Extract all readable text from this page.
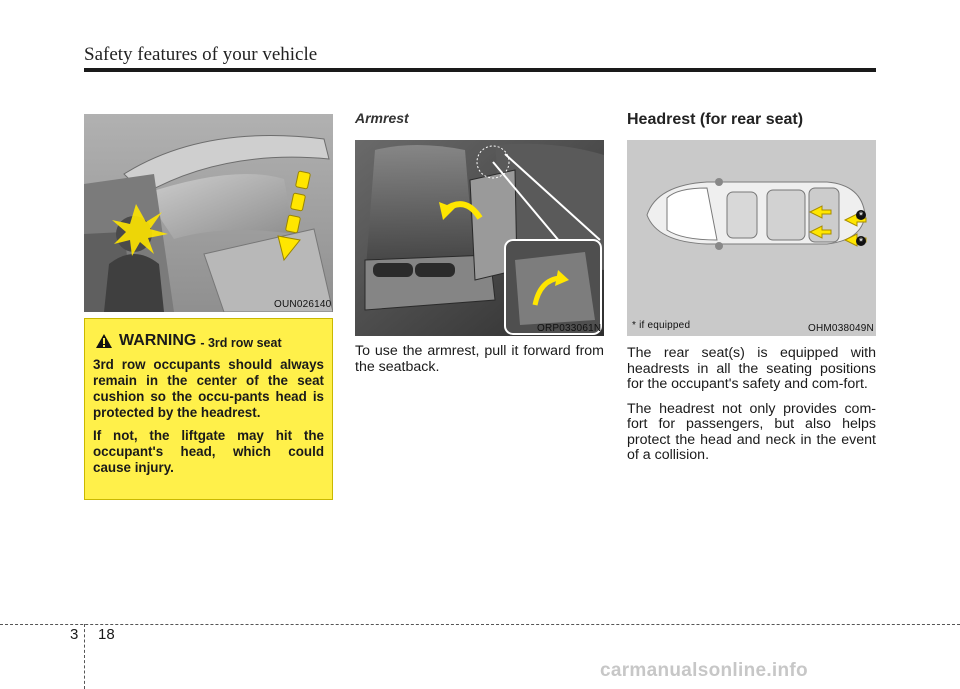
Safety features of your vehicle
OUN026140
WARNING - 3rd row seat

3rd row occupants should always remain in the center of the seat cushion so the occu-pants head is protected by the headrest.

If not, the liftgate may hit the occupant's head, which could cause injury.

Armrest
ORP033061N

To use the armrest, pull it forward from the seatback.

Headrest (for rear seat)
*
*
* if equipped	OHM038049N

The rear seat(s) is equipped with headrests in all the seating positions for the occupant's safety and com-fort.

The headrest not only provides com-fort for passengers, but also helps protect the head and neck in the event of a collision.

3 18
carmanualsonline.info
